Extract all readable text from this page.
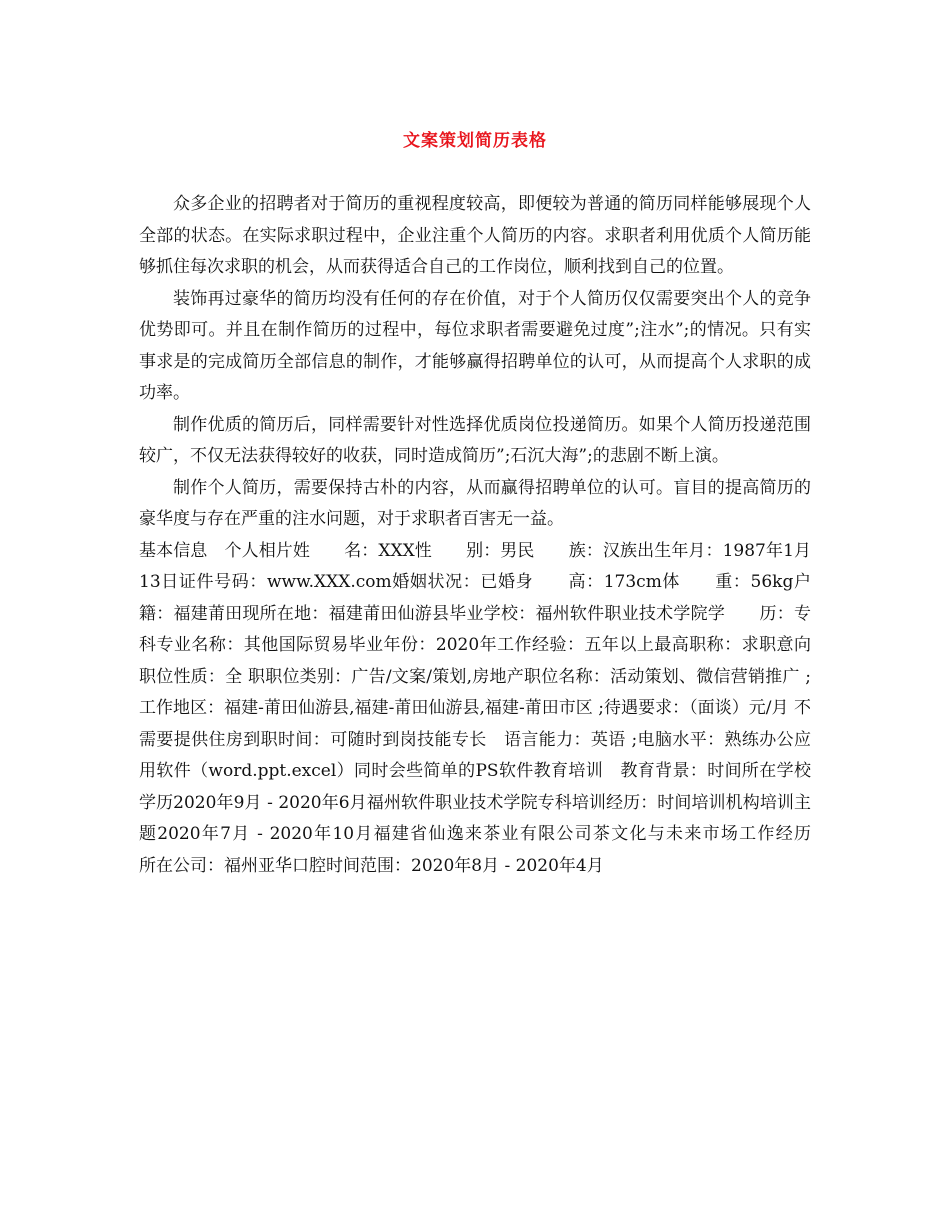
文案策划简历表格

众多企业的招聘者对于简历的重视程度较高，即便较为普通的简历同样能够展现个人全部的状态。在实际求职过程中，企业注重个人简历的内容。求职者利用优质个人简历能够抓住每次求职的机会，从而获得适合自己的工作岗位，顺利找到自己的位置。

装饰再过豪华的简历均没有任何的存在价值，对于个人简历仅仅需要突出个人的竞争优势即可。并且在制作简历的过程中，每位求职者需要避免过度”;注水”;的情况。只有实事求是的完成简历全部信息的制作，才能够赢得招聘单位的认可，从而提高个人求职的成功率。

制作优质的简历后，同样需要针对性选择优质岗位投递简历。如果个人简历投递范围较广，不仅无法获得较好的收获，同时造成简历”;石沉大海”;的悲剧不断上演。

制作个人简历，需要保持古朴的内容，从而赢得招聘单位的认可。盲目的提高简历的豪华度与存在严重的注水问题，对于求职者百害无一益。

基本信息　个人相片姓　　名：XXX性　　别：男民　　族：汉族出生年月：1987年1月13日证件号码：www.XXX.com婚姻状况：已婚身　　高：173cm体　　重：56kg户　　籍：福建莆田现所在地：福建莆田仙游县毕业学校：福州软件职业技术学院学　　历：专科专业名称：其他国际贸易毕业年份：2020年工作经验：五年以上最高职称：求职意向　职位性质：全 职职位类别：广告/文案/策划,房地产职位名称：活动策划、微信营销推广 ;工作地区：福建-莆田仙游县,福建-莆田仙游县,福建-莆田市区 ;待遇要求：（面谈）元/月 不需要提供住房到职时间：可随时到岗技能专长　语言能力：英语 ;电脑水平：熟练办公应用软件（word.ppt.excel）同时会些简单的PS软件教育培训　教育背景：时间所在学校学历2020年9月 - 2020年6月福州软件职业技术学院专科培训经历：时间培训机构培训主题2020年7月 - 2020年10月福建省仙逸来茶业有限公司茶文化与未来市场工作经历　　所在公司：福州亚华口腔时间范围：2020年8月 - 2020年4月
